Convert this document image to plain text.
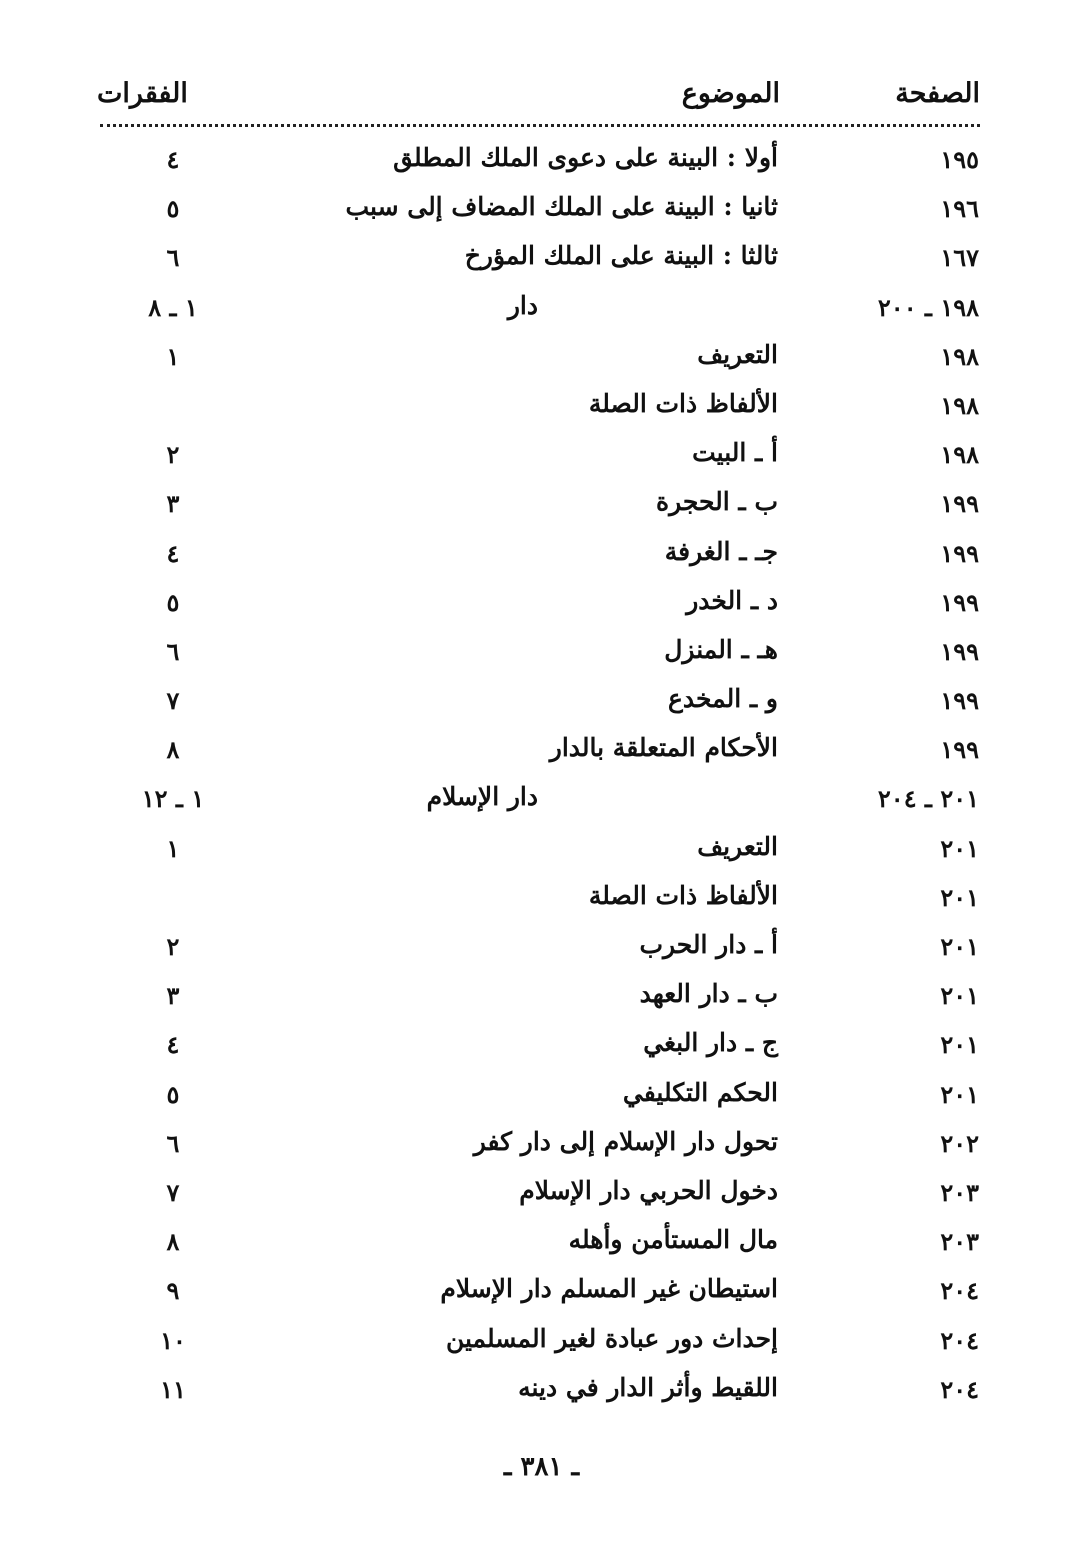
الصفحة
الموضوع
الفقرات
١٩٥
أولا : البينة على دعوى الملك المطلق
٤
١٩٦
ثانيا : البينة على الملك المضاف إلى سبب
٥
١٦٧
ثالثا : البينة على الملك المؤرخ
٦
١٩٨ ـ ٢٠٠
دار
١ ـ ٨
١٩٨
التعريف
١
١٩٨
الألفاظ ذات الصلة
١٩٨
أ ـ البيت
٢
١٩٩
ب ـ الحجرة
٣
١٩٩
جـ ـ الغرفة
٤
١٩٩
د ـ الخدر
٥
١٩٩
هـ ـ المنزل
٦
١٩٩
و ـ المخدع
٧
١٩٩
الأحكام المتعلقة بالدار
٨
٢٠١ ـ ٢٠٤
دار الإسلام
١ ـ ١٢
٢٠١
التعريف
١
٢٠١
الألفاظ ذات الصلة
٢٠١
أ ـ دار الحرب
٢
٢٠١
ب ـ دار العهد
٣
٢٠١
ج ـ دار البغي
٤
٢٠١
الحكم التكليفي
٥
٢٠٢
تحول دار الإسلام إلى دار كفر
٦
٢٠٣
دخول الحربي دار الإسلام
٧
٢٠٣
مال المستأمن وأهله
٨
٢٠٤
استيطان غير المسلم دار الإسلام
٩
٢٠٤
إحداث دور عبادة لغير المسلمين
١٠
٢٠٤
اللقيط وأثر الدار في دينه
١١
ـ ٣٨١ ـ
